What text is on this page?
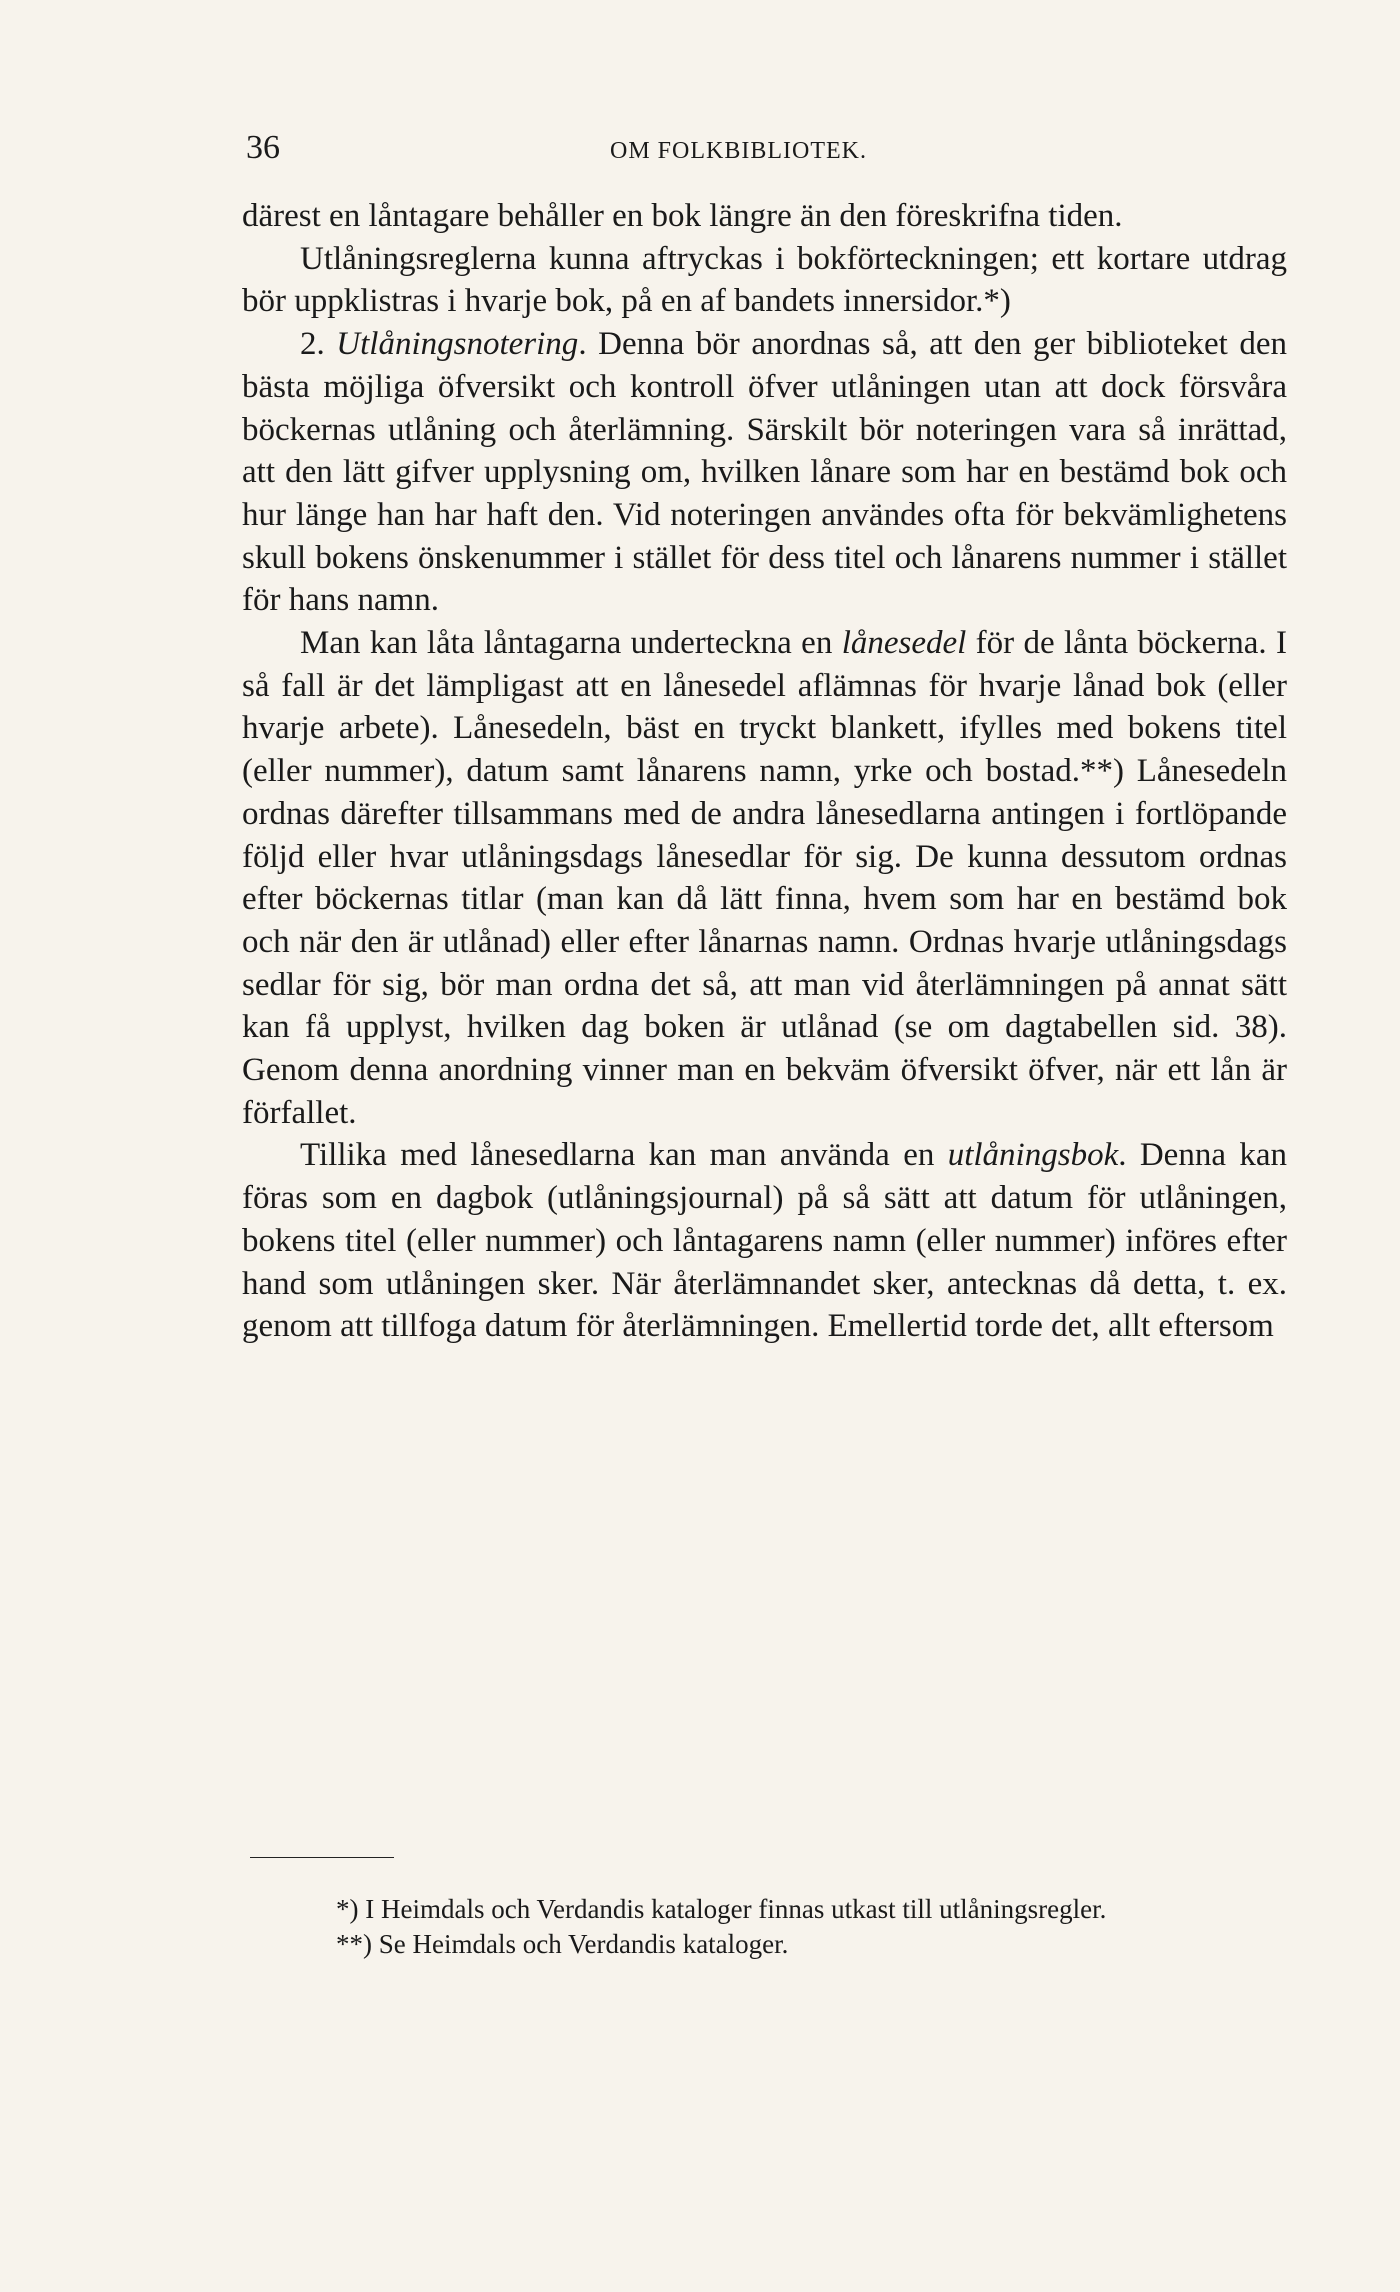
36	OM FOLKBIBLIOTEK.

därest en låntagare behåller en bok längre än den föreskrifna tiden.

Utlåningsreglerna kunna aftryckas i bokförteckningen; ett kortare utdrag bör uppklistras i hvarje bok, på en af bandets innersidor.*)

2. Utlåningsnotering. Denna bör anordnas så, att den ger biblioteket den bästa möjliga öfversikt och kontroll öfver utlåningen utan att dock försvåra böckernas utlåning och återlämning. Särskilt bör noteringen vara så inrättad, att den lätt gifver upplysning om, hvilken lånare som har en bestämd bok och hur länge han har haft den. Vid noteringen användes ofta för bekvämlighetens skull bokens önskenummer i stället för dess titel och lånarens nummer i stället för hans namn.

Man kan låta låntagarna underteckna en lånesedel för de lånta böckerna. I så fall är det lämpligast att en lånesedel aflämnas för hvarje lånad bok (eller hvarje arbete). Lånesedeln, bäst en tryckt blankett, ifylles med bokens titel (eller nummer), datum samt lånarens namn, yrke och bostad.**) Lånesedeln ordnas därefter tillsammans med de andra lånesedlarna antingen i fortlöpande följd eller hvar utlåningsdags lånesedlar för sig. De kunna dessutom ordnas efter böckernas titlar (man kan då lätt finna, hvem som har en bestämd bok och när den är utlånad) eller efter lånarnas namn. Ordnas hvarje utlåningsdags sedlar för sig, bör man ordna det så, att man vid återlämningen på annat sätt kan få upplyst, hvilken dag boken är utlånad (se om dagtabellen sid. 38). Genom denna anordning vinner man en bekväm öfversikt öfver, när ett lån är förfallet.

Tillika med lånesedlarna kan man använda en utlåningsbok. Denna kan föras som en dagbok (utlåningsjournal) på så sätt att datum för utlåningen, bokens titel (eller nummer) och låntagarens namn (eller nummer) införes efter hand som utlåningen sker. När återlämnandet sker, antecknas då detta, t. ex. genom att tillfoga datum för återlämningen. Emellertid torde det, allt eftersom

*) I Heimdals och Verdandis kataloger finnas utkast till utlåningsregler.

**) Se Heimdals och Verdandis kataloger.
